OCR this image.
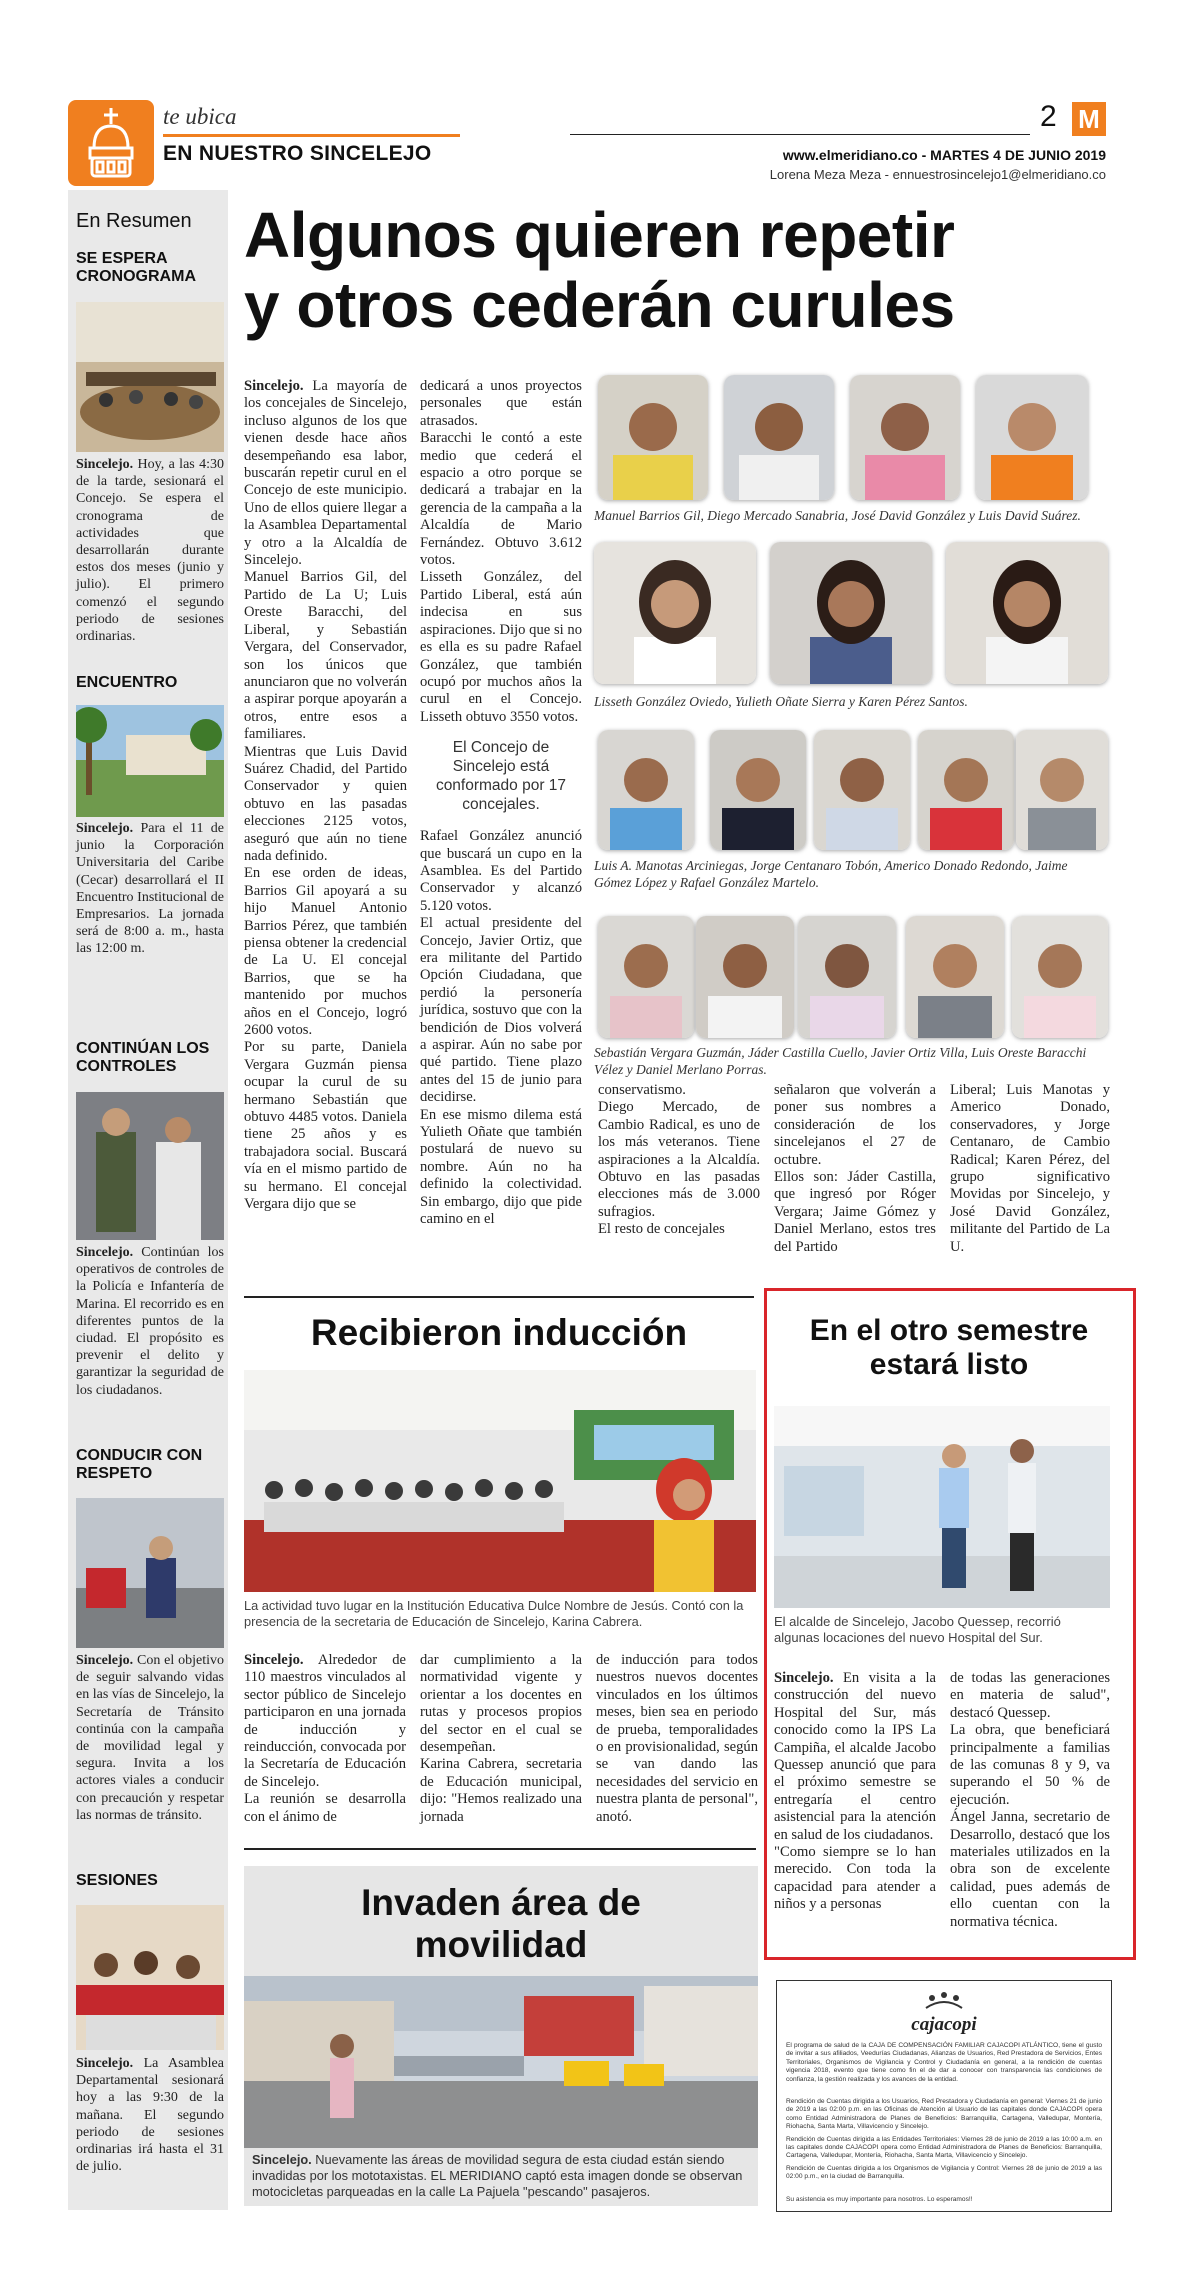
te ubica
EN NUESTRO SINCELEJO
2 M
www.elmeridiano.co - MARTES 4 DE JUNIO 2019
Lorena Meza Meza - ennuestrosincelejo1@elmeridiano.co
En Resumen
SE ESPERA CRONOGRAMA
Sincelejo. Hoy, a las 4:30 de la tarde, sesionará el Concejo. Se espera el cronograma de actividades que desarrollarán durante estos dos meses (junio y julio). El primero comenzó el segundo periodo de sesiones ordinarias.
ENCUENTRO
Sincelejo. Para el 11 de junio la Corporación Universitaria del Caribe (Cecar) desarrollará el II Encuentro Institucional de Empresarios. La jornada será de 8:00 a. m., hasta las 12:00 m.
CONTINÚAN LOS CONTROLES
Sincelejo. Continúan los operativos de controles de la Policía e Infantería de Marina. El recorrido es en diferentes puntos de la ciudad. El propósito es prevenir el delito y garantizar la seguridad de los ciudadanos.
CONDUCIR CON RESPETO
Sincelejo. Con el objetivo de seguir salvando vidas en las vías de Sincelejo, la Secretaría de Tránsito continúa con la campaña de movilidad legal y segura. Invita a los actores viales a conducir con precaución y respetar las normas de tránsito.
SESIONES
Sincelejo. La Asamblea Departamental sesionará hoy a las 9:30 de la mañana. El segundo periodo de sesiones ordinarias irá hasta el 31 de julio.
Algunos quieren repetir
y otros cederán curules

Sincelejo. La mayoría de los concejales de Sincelejo, incluso algunos de los que vienen desde hace años desempeñando esa labor, buscarán repetir curul en el Concejo de este municipio. Uno de ellos quiere llegar a la Asamblea Departamental y otro a la Alcaldía de Sincelejo.

Manuel Barrios Gil, del Partido de La U; Luis Oreste Baracchi, del Liberal, y Sebastián Vergara, del Conservador, son los únicos que anunciaron que no volverán a aspirar porque apoyarán a otros, entre esos a familiares.

Mientras que Luis David Suárez Chadid, del Partido Conservador y quien obtuvo en las pasadas elecciones 2125 votos, aseguró que aún no tiene nada definido.

En ese orden de ideas, Barrios Gil apoyará a su hijo Manuel Antonio Barrios Pérez, que también piensa obtener la credencial de La U. El concejal Barrios, que se ha mantenido por muchos años en el Concejo, logró 2600 votos.

Por su parte, Daniela Vergara Guzmán piensa ocupar la curul de su hermano Sebastián que obtuvo 4485 votos. Daniela tiene 25 años y es trabajadora social. Buscará vía en el mismo partido de su hermano. El concejal Vergara dijo que se

dedicará a unos proyectos personales que están atrasados.

Baracchi le contó a este medio que cederá el espacio a otro porque se dedicará a trabajar en la gerencia de la campaña a la Alcaldía de Mario Fernández. Obtuvo 3.612 votos.

Lisseth González, del Partido Liberal, está aún indecisa en sus aspiraciones. Dijo que si no es ella es su padre Rafael González, que también ocupó por muchos años la curul en el Concejo. Lisseth obtuvo 3550 votos.

El Concejo de Sincelejo está conformado por 17 concejales.

Rafael González anunció que buscará un cupo en la Asamblea. Es del Partido Conservador y alcanzó 5.120 votos.

El actual presidente del Concejo, Javier Ortiz, que era militante del Partido Opción Ciudadana, que perdió la personería jurídica, sostuvo que con la bendición de Dios volverá a aspirar. Aún no sabe por qué partido. Tiene plazo antes del 15 de junio para decidirse.

En ese mismo dilema está Yulieth Oñate que también postulará de nuevo su nombre. Aún no ha definido la colectividad. Sin embargo, dijo que pide camino en el

Manuel Barrios Gil, Diego Mercado Sanabria, José David González y Luis David Suárez.
Lisseth González Oviedo, Yulieth Oñate Sierra y Karen Pérez Santos.
Luis A. Manotas Arciniegas, Jorge Centanaro Tobón, Americo Donado Redondo, Jaime Gómez López y Rafael González Martelo.
Sebastián Vergara Guzmán, Jáder Castilla Cuello, Javier Ortiz Villa, Luis Oreste Baracchi Vélez y Daniel Merlano Porras.

conservatismo.

Diego Mercado, de Cambio Radical, es uno de los más veteranos. Tiene aspiraciones a la Alcaldía. Obtuvo en las pasadas elecciones más de 3.000 sufragios.

El resto de concejales

señalaron que volverán a poner sus nombres a consideración de los sincelejanos el 27 de octubre.

Ellos son: Jáder Castilla, que ingresó por Róger Vergara; Jaime Gómez y Daniel Merlano, estos tres del Partido

Liberal; Luis Manotas y Americo Donado, conservadores, y Jorge Centanaro, de Cambio Radical; Karen Pérez, del grupo significativo Movidas por Sincelejo, y José David González, militante del Partido de La U.

Recibieron inducción
La actividad tuvo lugar en la Institución Educativa Dulce Nombre de Jesús. Contó con la presencia de la secretaria de Educación de Sincelejo, Karina Cabrera.

Sincelejo. Alrededor de 110 maestros vinculados al sector público de Sincelejo participaron en una jornada de inducción y reinducción, convocada por la Secretaría de Educación de Sincelejo.

La reunión se desarrolla con el ánimo de

dar cumplimiento a la normatividad vigente y orientar a los docentes en rutas y procesos propios del sector en el cual se desempeñan.

Karina Cabrera, secretaria de Educación municipal, dijo: "Hemos realizado una jornada

de inducción para todos nuestros nuevos docentes vinculados en los últimos meses, bien sea en periodo de prueba, temporalidades o en provisionalidad, según se van dando las necesidades del servicio en nuestra planta de personal", anotó.

Invaden área de
movilidad
Sincelejo. Nuevamente las áreas de movilidad segura de esta ciudad están siendo invadidas por los mototaxistas. EL MERIDIANO captó esta imagen donde se observan motocicletas parqueadas en la calle La Pajuela "pescando" pasajeros.
En el otro semestre estará listo
El alcalde de Sincelejo, Jacobo Quessep, recorrió algunas locaciones del nuevo Hospital del Sur.

Sincelejo. En visita a la construcción del nuevo Hospital del Sur, más conocido como la IPS La Campiña, el alcalde Jacobo Quessep anunció que para el próximo semestre se entregaría el centro asistencial para la atención en salud de los ciudadanos.

"Como siempre se lo han merecido. Con toda la capacidad para atender a niños y a personas

de todas las generaciones en materia de salud", destacó Quessep.

La obra, que beneficiará principalmente a familias de las comunas 8 y 9, va superando el 50 % de ejecución.

Ángel Janna, secretario de Desarrollo, destacó que los materiales utilizados en la obra son de excelente calidad, pues además de ello cuentan con la normativa técnica.

cajacopi
El programa de salud de la CAJA DE COMPENSACIÓN FAMILIAR CAJACOPI ATLÁNTICO, tiene el gusto de invitar a sus afiliados, Veedurías Ciudadanas, Alianzas de Usuarios, Red Prestadora de Servicios, Entes Territoriales, Organismos de Vigilancia y Control y Ciudadanía en general, a la rendición de cuentas vigencia 2018, evento que tiene como fin el de dar a conocer con transparencia las condiciones de confianza, la gestión realizada y los avances de la entidad.

Rendición de Cuentas dirigida a los Usuarios, Red Prestadora y Ciudadanía en general: Viernes 21 de junio de 2019 a las 02:00 p.m. en las Oficinas de Atención al Usuario de las capitales donde CAJACOPI opera como Entidad Administradora de Planes de Beneficios: Barranquilla, Cartagena, Valledupar, Montería, Riohacha, Santa Marta, Villavicencio y Sincelejo.

Rendición de Cuentas dirigida a las Entidades Territoriales: Viernes 28 de junio de 2019 a las 10:00 a.m. en las capitales donde CAJACOPI opera como Entidad Administradora de Planes de Beneficios: Barranquilla, Cartagena, Valledupar, Montería, Riohacha, Santa Marta, Villavicencio y Sincelejo.

Rendición de Cuentas dirigida a los Organismos de Vigilancia y Control: Viernes 28 de junio de 2019 a las 02:00 p.m., en la ciudad de Barranquilla.

Su asistencia es muy importante para nosotros. Lo esperamos!!
